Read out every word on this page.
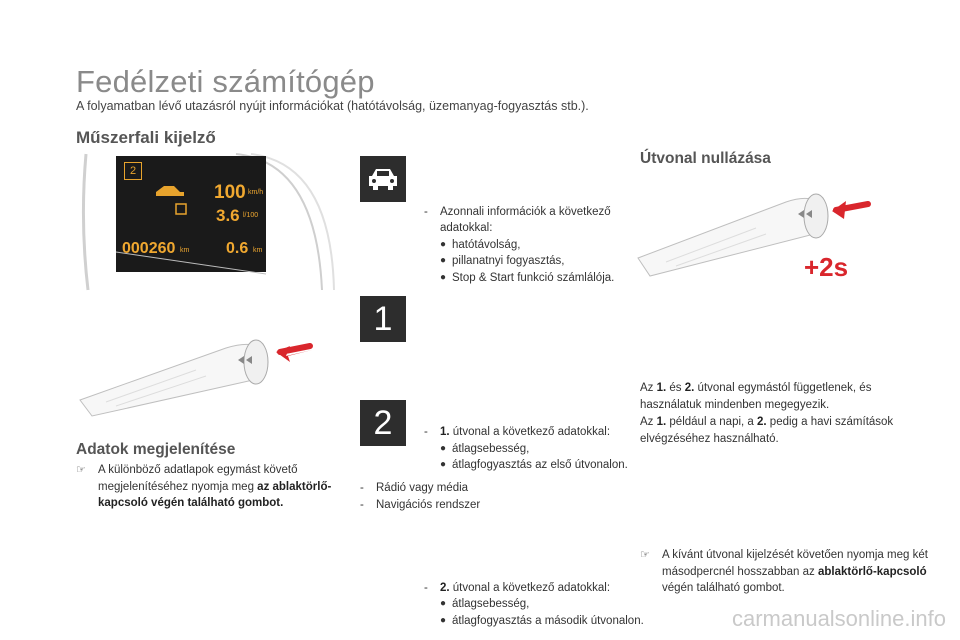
Fedélzeti számítógép
A folyamatban lévő utazásról nyújt információkat (hatótávolság, üzemanyag-fogyasztás stb.).
Műszerfali kijelző
2
100 km/h
3.6 l/100
000260 km 0.6 km
Adatok megjelenítése
☞ A különböző adatlapok egymást követő megjelenítéséhez nyomja meg az ablaktörlő-kapcsoló végén található gombot.
- Azonnali információk a következő adatokkal:
● hatótávolság,
● pillanatnyi fogyasztás,
● Stop & Start funkció számlálója.
1
- 1. útvonal a következő adatokkal:
● átlagsebesség,
● átlagfogyasztás az első útvonalon.
2
- 2. útvonal a következő adatokkal:
● átlagsebesség,
● átlagfogyasztás a második útvonalon.
- Rádió vagy média
- Navigációs rendszer
Útvonal nullázása
+2s
☞ A kívánt útvonal kijelzését követően nyomja meg két másodpercnél hosszabban az ablaktörlő-kapcsoló végén található gombot.
Az 1. és 2. útvonal egymástól függetlenek, és használatuk mindenben megegyezik.
Az 1. például a napi, a 2. pedig a havi számítások elvégzéséhez használható.
carmanualsonline.info
